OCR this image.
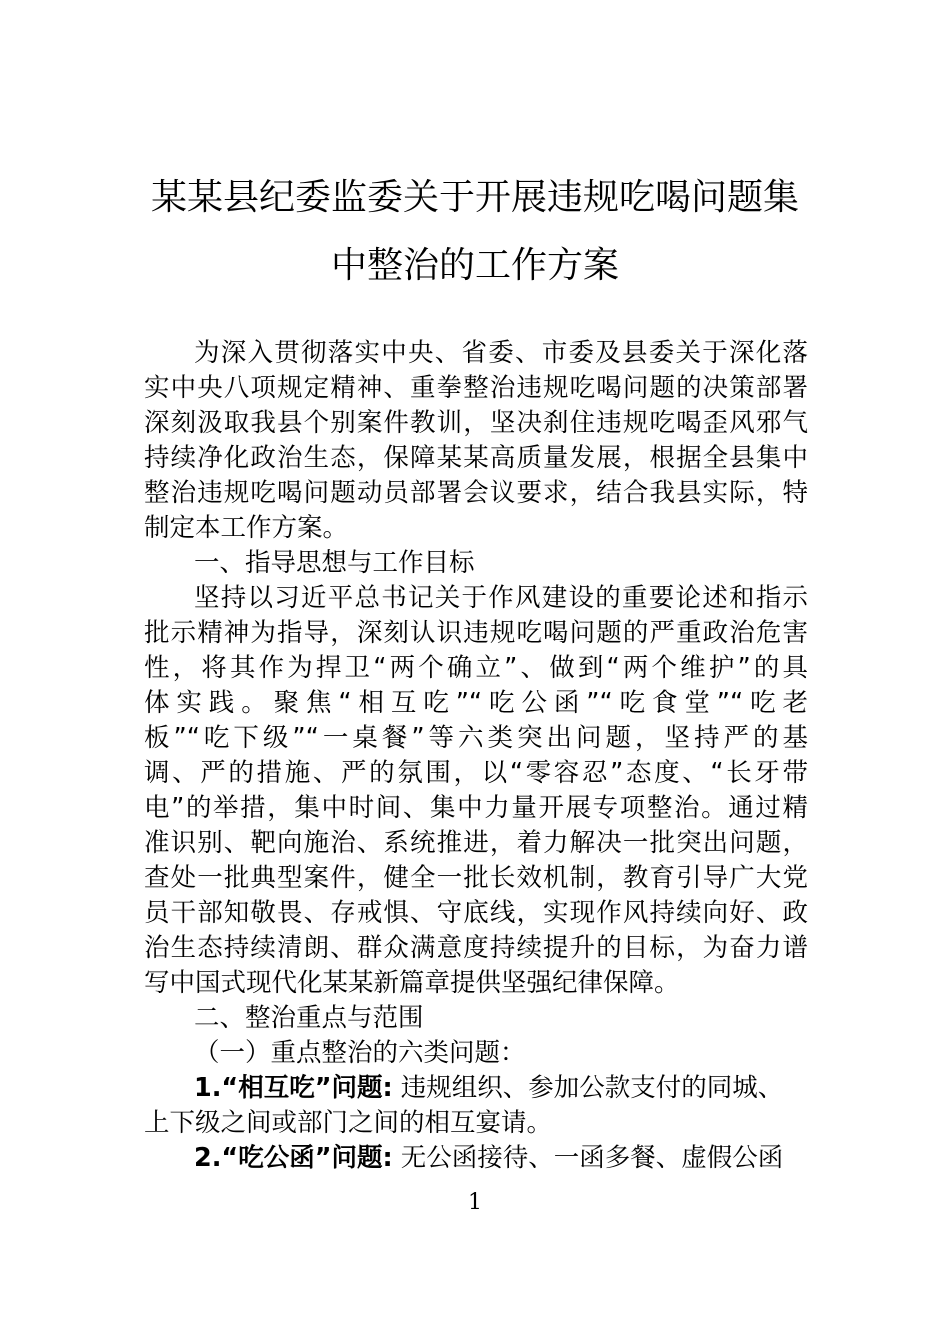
某某县纪委监委关于开展违规吃喝问题集
中整治的工作方案

为深入贯彻落实中央、省委、市委及县委关于深化落

实中央八项规定精神、重拳整治违规吃喝问题的决策部署

深刻汲取我县个别案件教训，坚决刹住违规吃喝歪风邪气

持续净化政治生态，保障某某高质量发展，根据全县集中

整治违规吃喝问题动员部署会议要求，结合我县实际，特

制定本工作方案。

一、指导思想与工作目标

坚持以习近平总书记关于作风建设的重要论述和指示

批示精神为指导，深刻认识违规吃喝问题的严重政治危害

性，将其作为捍卫“两个确立”、做到“两个维护”的具

体实践。聚焦“相互吃”“吃公函”“吃食堂”“吃老

板”“吃下级”“一桌餐”等六类突出问题，坚持严的基

调、严的措施、严的氛围，以“零容忍”态度、“长牙带

电”的举措，集中时间、集中力量开展专项整治。通过精

准识别、靶向施治、系统推进，着力解决一批突出问题，

查处一批典型案件，健全一批长效机制，教育引导广大党

员干部知敬畏、存戒惧、守底线，实现作风持续向好、政

治生态持续清朗、群众满意度持续提升的目标，为奋力谱

写中国式现代化某某新篇章提供坚强纪律保障。

二、整治重点与范围

（一）重点整治的六类问题：

1.“相互吃”问题: 违规组织、参加公款支付的同城、

上下级之间或部门之间的相互宴请。

2.“吃公函”问题: 无公函接待、一函多餐、虚假公函

1
